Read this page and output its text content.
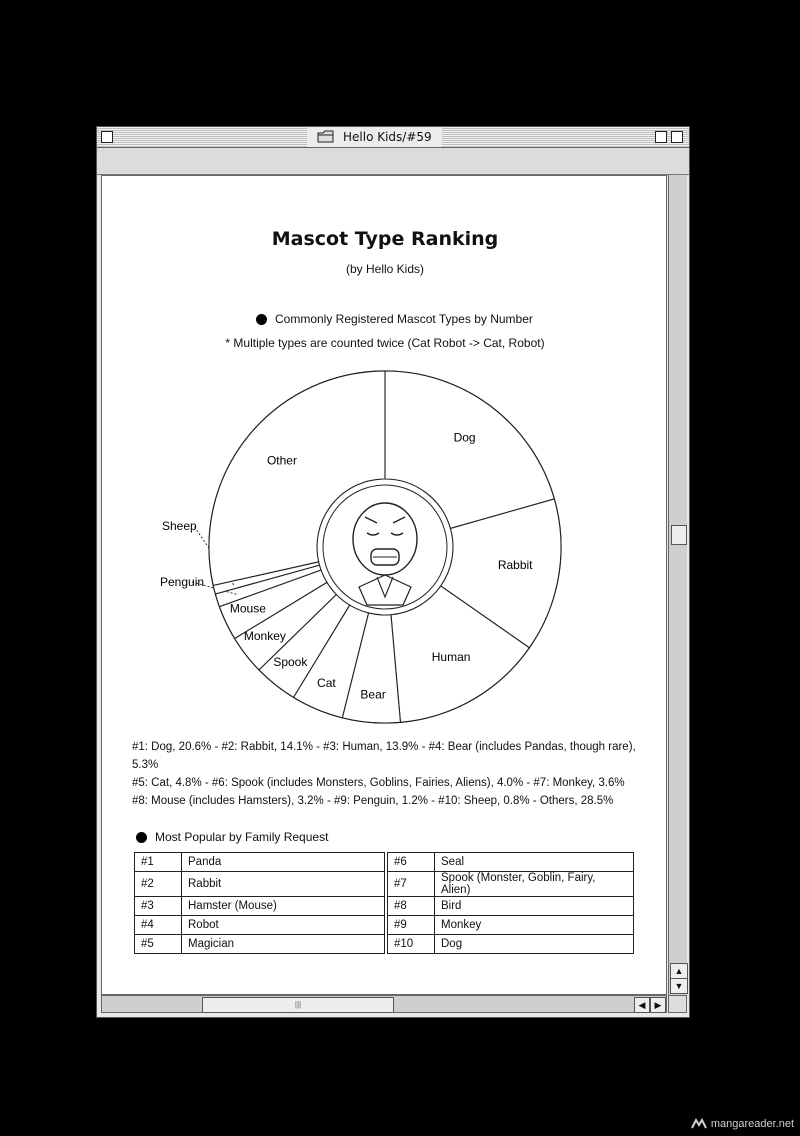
Hello Kids/#59
Mascot Type Ranking
(by Hello Kids)
Commonly Registered Mascot Types by Number
* Multiple types are counted twice (Cat Robot -> Cat, Robot)
Dog
Rabbit
Human
Bear
Cat
Spook
Monkey
Mouse
Penguin
Sheep
Other
#1: Dog, 20.6% - #2: Rabbit, 14.1% - #3: Human, 13.9% - #4: Bear (includes Pandas, though rare), 5.3%
#5: Cat, 4.8% - #6: Spook (includes Monsters, Goblins, Fairies, Aliens), 4.0% - #7: Monkey, 3.6%
#8: Mouse (includes Hamsters), 3.2% - #9: Penguin, 1.2% - #10: Sheep, 0.8% - Others, 28.5%
Most Popular by Family Request
#1	Panda		#6	Seal
#2	Rabbit		#7	Spook (Monster, Goblin, Fairy, Alien)
#3	Hamster (Mouse)		#8	Bird
#4	Robot		#9	Monkey
#5	Magician		#10	Dog
▲
▼
|||	◀	▶
mangareader.net
